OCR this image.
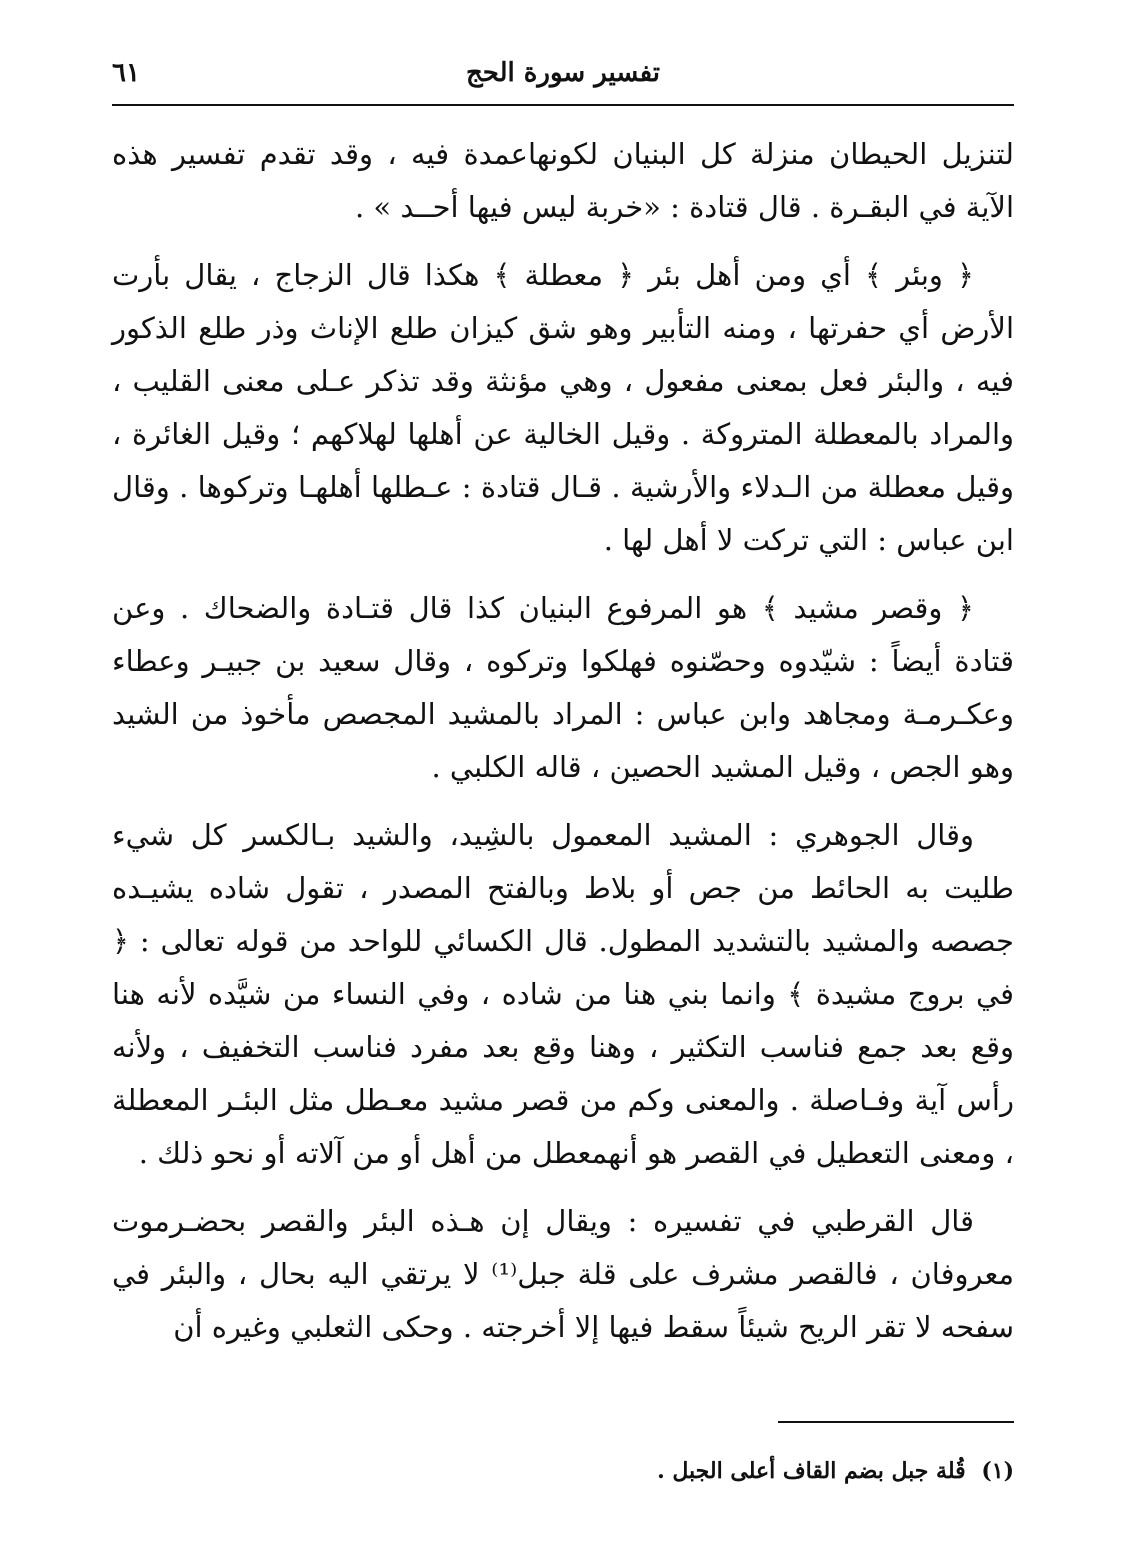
٦١	تفسير سورة الحج

لتنزيل الحيطان منزلة كل البنيان لكونهاعمدة فيه ، وقد تقدم تفسير هذه الآية في البقـرة . قال قتادة : «خربة ليس فيها أحــد » .

﴿ وبئر ﴾ أي ومن أهل بئر ﴿ معطلة ﴾ هكذا قال الزجاج ، يقال بأرت الأرض أي حفرتها ، ومنه التأبير وهو شق كيزان طلع الإناث وذر طلع الذكور فيه ، والبئر فعل بمعنى مفعول ، وهي مؤنثة وقد تذكر عـلى معنى القليب ، والمراد بالمعطلة المتروكة . وقيل الخالية عن أهلها لهلاكهم ؛ وقيل الغائرة ، وقيل معطلة من الـدلاء والأرشية . قـال قتادة : عـطلها أهلهـا وتركوها . وقال ابن عباس : التي تركت لا أهل لها .

﴿ وقصر مشيد ﴾ هو المرفوع البنيان كذا قال قتـادة والضحاك . وعن قتادة أيضاً : شيّدوه وحصّنوه فهلكوا وتركوه ، وقال سعيد بن جبيـر وعطاء وعكـرمـة ومجاهد وابن عباس : المراد بالمشيد المجصص مأخوذ من الشيد وهو الجص ، وقيل المشيد الحصين ، قاله الكلبي .

وقال الجوهري : المشيد المعمول بالشِيد، والشيد بـالكسر كل شيء طليت به الحائط من جص أو بلاط وبالفتح المصدر ، تقول شاده يشيـده جصصه والمشيد بالتشديد المطول. قال الكسائي للواحد من قوله تعالى : ﴿ في بروج مشيدة ﴾ وانما بني هنا من شاده ، وفي النساء من شيَّده لأنه هنا وقع بعد جمع فناسب التكثير ، وهنا وقع بعد مفرد فناسب التخفيف ، ولأنه رأس آية وفـاصلة . والمعنى وكم من قصر مشيد معـطل مثل البئـر المعطلة ، ومعنى التعطيل في القصر هو أنهمعطل من أهل أو من آلاته أو نحو ذلك .

قال القرطبي في تفسيره : ويقال إن هـذه البئر والقصر بحضـرموت معروفان ، فالقصر مشرف على قلة جبل⁽¹⁾ لا يرتقي اليه بحال ، والبئر في سفحه لا تقر الريح شيئاً سقط فيها إلا أخرجته . وحكى الثعلبي وغيره أن

(١) قُلة جبل بضم القاف أعلى الجبل .
